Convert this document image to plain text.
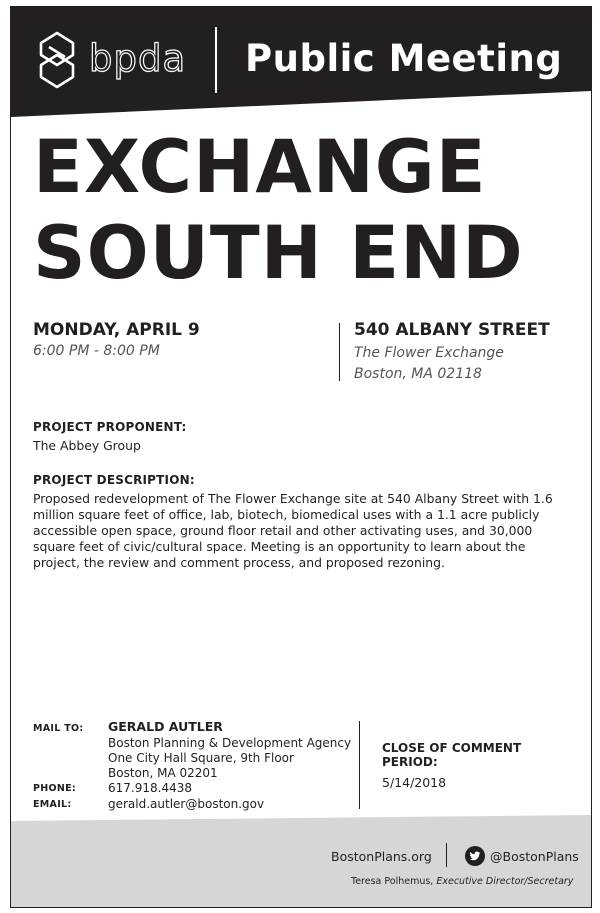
bpda Public Meeting
EXCHANGE
SOUTH END
MONDAY, APRIL 9
6:00 PM - 8:00 PM
540 ALBANY STREET
The Flower Exchange
Boston, MA 02118
PROJECT PROPONENT:
The Abbey Group
PROJECT DESCRIPTION:
Proposed redevelopment of The Flower Exchange site at 540 Albany Street with 1.6 million square feet of office, lab, biotech, biomedical uses with a 1.1 acre publicly accessible open space, ground floor retail and other activating uses, and 30,000 square feet of civic/cultural space. Meeting is an opportunity to learn about the project, the review and comment process, and proposed rezoning.
MAIL TO: GERALD AUTLER
Boston Planning & Development Agency
One City Hall Square, 9th Floor
Boston, MA 02201
PHONE:	617.918.4438
EMAIL:	gerald.autler@boston.gov
CLOSE OF COMMENT PERIOD:
5/14/2018
BostonPlans.org	@BostonPlans
Teresa Polhemus, Executive Director/Secretary
